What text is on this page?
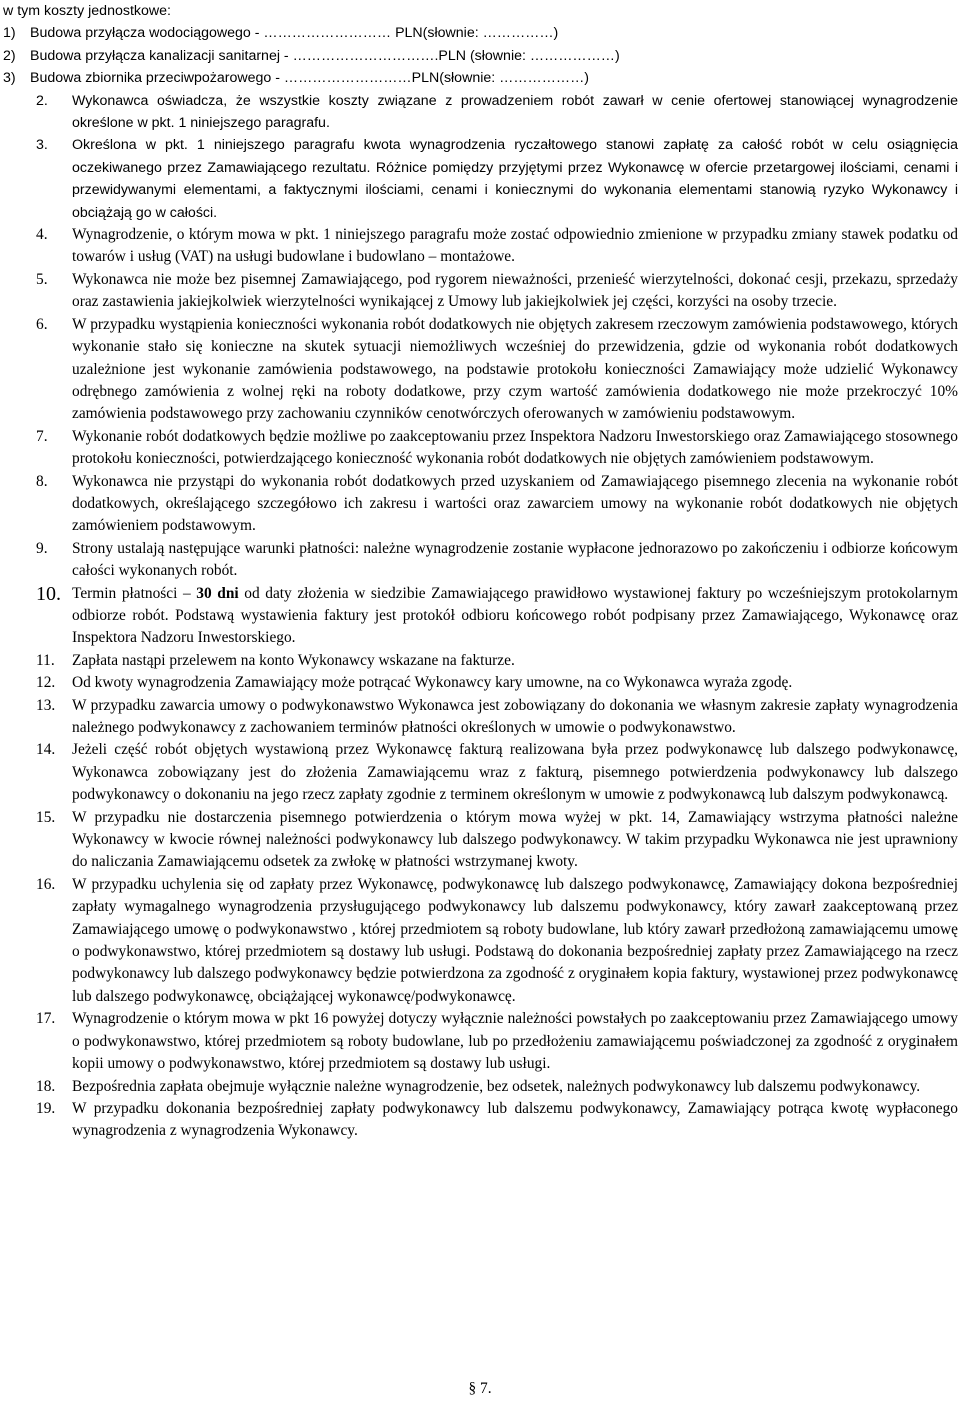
w tym koszty jednostkowe:
1)	Budowa przyłącza wodociągowego - ……………………… PLN(słownie: ……………)
2)	Budowa przyłącza kanalizacji sanitarnej - ………………………….PLN (słownie: ………………)
3)	Budowa zbiornika przeciwpożarowego - ………………………PLN(słownie: ………………)
2.	Wykonawca oświadcza, że wszystkie koszty związane z prowadzeniem robót zawarł w cenie ofertowej stanowiącej wynagrodzenie określone w pkt. 1 niniejszego paragrafu.
3.	Określona w pkt. 1 niniejszego paragrafu kwota wynagrodzenia ryczałtowego stanowi zapłatę za całość robót w celu osiągnięcia oczekiwanego przez Zamawiającego rezultatu. Różnice pomiędzy przyjętymi przez Wykonawcę w ofercie przetargowej ilościami, cenami i przewidywanymi elementami, a faktycznymi ilościami, cenami i koniecznymi do wykonania elementami stanowią ryzyko Wykonawcy i obciążają go w całości.
4.	Wynagrodzenie, o którym mowa w pkt. 1 niniejszego paragrafu może zostać odpowiednio zmienione w przypadku zmiany stawek podatku od towarów i usług (VAT) na usługi budowlane i budowlano – montażowe.
5.	Wykonawca nie może bez pisemnej Zamawiającego, pod rygorem nieważności, przenieść wierzytelności, dokonać cesji, przekazu, sprzedaży oraz zastawienia jakiejkolwiek wierzytelności wynikającej z Umowy lub jakiejkolwiek jej części, korzyści na osoby trzecie.
6.	W przypadku wystąpienia konieczności wykonania robót dodatkowych nie objętych zakresem rzeczowym zamówienia podstawowego, których wykonanie stało się konieczne na skutek sytuacji niemożliwych wcześniej do przewidzenia, gdzie od wykonania robót dodatkowych uzależnione jest wykonanie zamówienia podstawowego, na podstawie protokołu konieczności Zamawiający może udzielić Wykonawcy odrębnego zamówienia z wolnej ręki na roboty dodatkowe, przy czym wartość zamówienia dodatkowego nie może przekroczyć 10% zamówienia podstawowego przy zachowaniu czynników cenotwórczych oferowanych w zamówieniu podstawowym.
7.	Wykonanie robót dodatkowych będzie możliwe po zaakceptowaniu przez Inspektora Nadzoru Inwestorskiego oraz Zamawiającego stosownego protokołu konieczności, potwierdzającego konieczność wykonania robót dodatkowych nie objętych zamówieniem podstawowym.
8.	Wykonawca nie przystąpi do wykonania robót dodatkowych przed uzyskaniem od Zamawiającego pisemnego zlecenia na wykonanie robót dodatkowych, określającego szczegółowo ich zakresu i wartości oraz zawarciem umowy na wykonanie robót dodatkowych nie objętych zamówieniem podstawowym.
9.	Strony ustalają następujące warunki płatności: należne wynagrodzenie zostanie wypłacone jednorazowo po zakończeniu i odbiorze końcowym całości wykonanych robót.
10. Termin płatności – 30 dni od daty złożenia w siedzibie Zamawiającego prawidłowo wystawionej faktury po wcześniejszym protokolarnym odbiorze robót. Podstawą wystawienia faktury jest protokół odbioru końcowego robót podpisany przez Zamawiającego, Wykonawcę oraz Inspektora Nadzoru Inwestorskiego.
11.	Zapłata nastąpi przelewem na konto Wykonawcy wskazane na fakturze.
12.	Od kwoty wynagrodzenia Zamawiający może potrącać Wykonawcy kary umowne, na co Wykonawca wyraża zgodę.
13.	W przypadku zawarcia umowy o podwykonawstwo Wykonawca jest zobowiązany do dokonania we własnym zakresie zapłaty wynagrodzenia należnego podwykonawcy z zachowaniem terminów płatności określonych w umowie o podwykonawstwo.
14.	Jeżeli część robót objętych wystawioną przez Wykonawcę fakturą realizowana była przez podwykonawcę lub dalszego podwykonawcę, Wykonawca zobowiązany jest do złożenia Zamawiającemu wraz z fakturą, pisemnego potwierdzenia podwykonawcy lub dalszego podwykonawcy o dokonaniu na jego rzecz zapłaty zgodnie z terminem określonym w umowie z podwykonawcą lub dalszym podwykonawcą.
15.	W przypadku nie dostarczenia pisemnego potwierdzenia o którym mowa wyżej w pkt. 14, Zamawiający wstrzyma płatności należne Wykonawcy w kwocie równej należności podwykonawcy lub dalszego podwykonawcy. W takim przypadku Wykonawca nie jest uprawniony do naliczania Zamawiającemu odsetek za zwłokę w płatności wstrzymanej kwoty.
16.	W przypadku uchylenia się od zapłaty przez Wykonawcę, podwykonawcę lub dalszego podwykonawcę, Zamawiający dokona bezpośredniej zapłaty wymagalnego wynagrodzenia przysługującego podwykonawcy lub dalszemu podwykonawcy, który zawarł zaakceptowaną przez Zamawiającego umowę o podwykonawstwo , której przedmiotem są roboty budowlane, lub który zawarł przedłożoną zamawiającemu umowę o podwykonawstwo, której przedmiotem są dostawy lub usługi. Podstawą do dokonania bezpośredniej zapłaty przez Zamawiającego na rzecz podwykonawcy lub dalszego podwykonawcy będzie potwierdzona za zgodność z oryginałem kopia faktury, wystawionej przez podwykonawcę lub dalszego podwykonawcę, obciążającej wykonawcę/podwykonawcę.
17.	Wynagrodzenie o którym mowa w pkt 16 powyżej dotyczy wyłącznie należności powstałych po zaakceptowaniu przez Zamawiającego umowy o podwykonawstwo, której przedmiotem są roboty budowlane, lub po przedłożeniu zamawiającemu poświadczonej za zgodność z oryginałem kopii umowy o podwykonawstwo, której przedmiotem są dostawy lub usługi.
18.	Bezpośrednia zapłata obejmuje wyłącznie należne wynagrodzenie, bez odsetek, należnych podwykonawcy lub dalszemu podwykonawcy.
19.	W przypadku dokonania bezpośredniej zapłaty podwykonawcy lub dalszemu podwykonawcy, Zamawiający potrąca kwotę wypłaconego wynagrodzenia z wynagrodzenia Wykonawcy.
§ 7.
